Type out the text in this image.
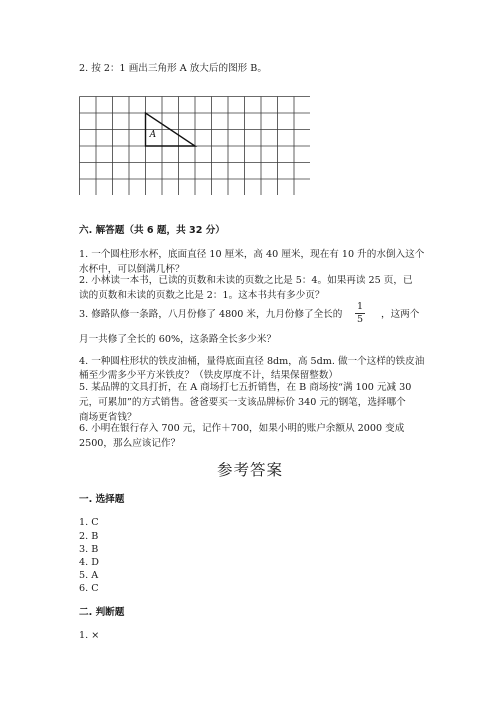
2. 按 2：1 画出三角形 A 放大后的图形 B。
A
六. 解答题（共 6 题，共 32 分）
1. 一个圆柱形水杯，底面直径 10 厘米，高 40 厘米，现在有 10 升的水倒入这个
水杯中，可以倒满几杯？
2. 小林读一本书，已读的页数和未读的页数之比是 5：4。如果再读 25 页，已
读的页数和未读的页数之比是 2：1。这本书共有多少页？
3. 修路队修一条路，八月份修了 4800 米，九月份修了全长的
1
5	，这两个
月一共修了全长的 60%，这条路全长多少米？
4. 一种圆柱形状的铁皮油桶，量得底面直径 8dm，高 5dm. 做一个这样的铁皮油
桶至少需多少平方米铁皮？（铁皮厚度不计，结果保留整数）
5. 某品牌的文具打折，在 A 商场打七五折销售，在 B 商场按“满 100 元减 30
元，可累加”的方式销售。爸爸要买一支该品牌标价 340 元的钢笔，选择哪个
商场更省钱？
6. 小明在银行存入 700 元，记作＋700，如果小明的账户余额从 2000 变成
2500，那么应该记作？
参考答案
一. 选择题
1. C
2. B
3. B
4. D
5. A
6. C
二. 判断题
1. ×
